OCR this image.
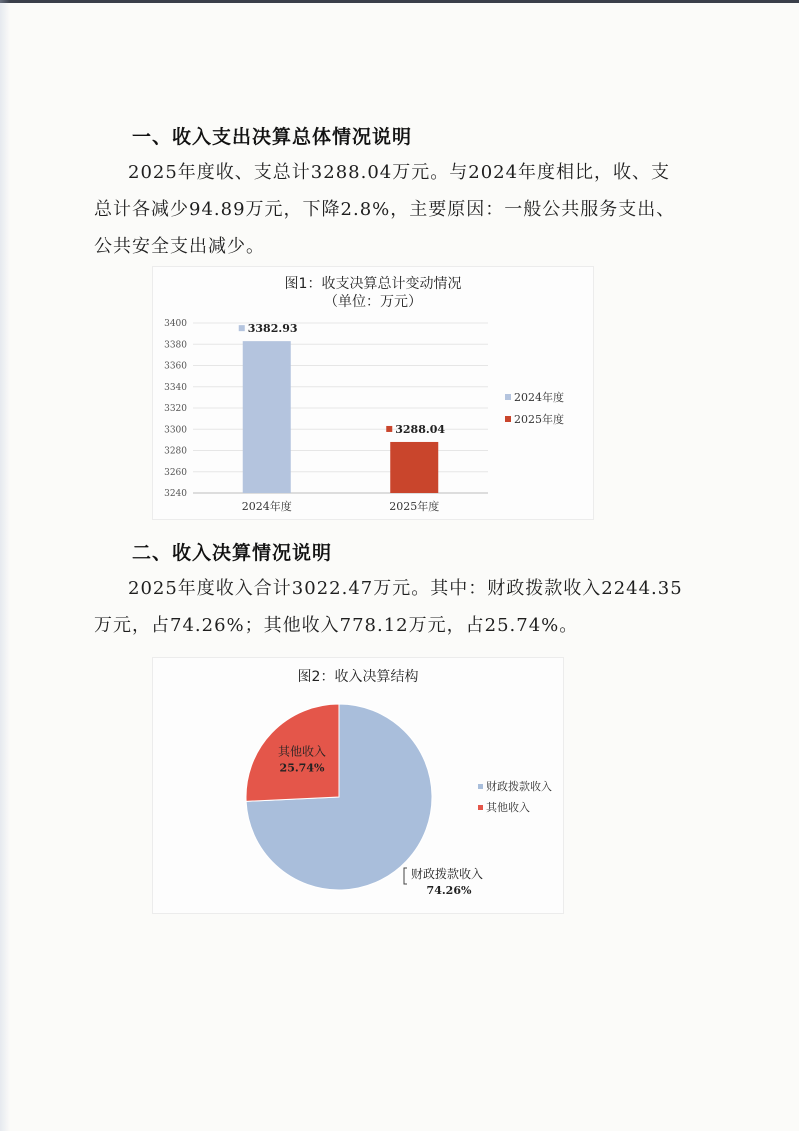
一、收入支出决算总体情况说明
2025年度收、支总计3288.04万元。与2024年度相比，收、支
总计各减少94.89万元，下降2.8%，主要原因：一般公共服务支出、
公共安全支出减少。
图1：收支决算总计变动情况
（单位：万元）
3400
3380
3360
3340
3320
3300
3280
3260
3240
3382.93
2024年度
3288.04
2025年度
2024年度
2025年度
二、收入决算情况说明
2025年度收入合计3022.47万元。其中：财政拨款收入2244.35
万元，占74.26%；其他收入778.12万元，占25.74%。
图2：收入决算结构
财政拨款收入
74.26%
其他收入
25.74%
财政拨款收入
其他收入
